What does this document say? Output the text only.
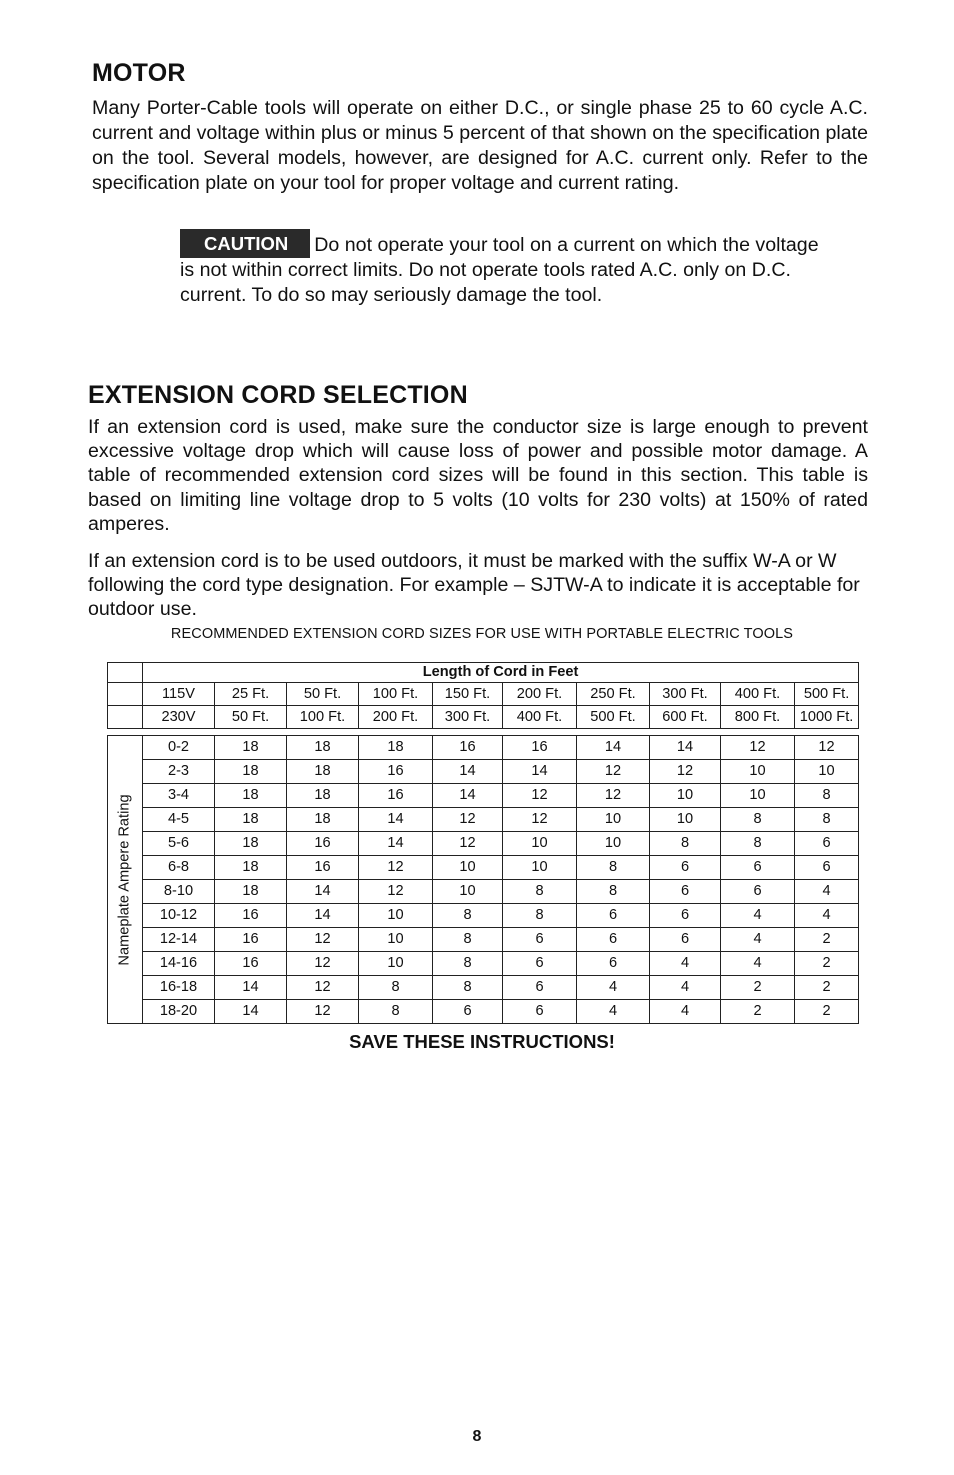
MOTOR

Many Porter-Cable tools will operate on either D.C., or single phase 25 to 60 cycle A.C. current and voltage within plus or minus 5 percent of that shown on the specification plate on the tool. Several models, however, are designed for A.C. current only. Refer to the specification plate on your tool for proper voltage and current rating.

CAUTION Do not operate your tool on a current on which the voltage is not within correct limits. Do not operate tools rated A.C. only on D.C. current. To do so may seriously damage the tool.
EXTENSION CORD SELECTION

If an extension cord is used, make sure the conductor size is large enough to prevent excessive voltage drop which will cause loss of power and possible motor damage. A table of recommended extension cord sizes will be found in this section. This table is based on limiting line voltage drop to 5 volts (10 volts for 230 volts) at 150% of rated amperes.

If an extension cord is to be used outdoors, it must be marked with the suffix W-A or W following the cord type designation. For example – SJTW-A to indicate it is acceptable for outdoor use.

RECOMMENDED EXTENSION CORD SIZES FOR USE WITH PORTABLE ELECTRIC TOOLS
	Length of Cord in Feet									
	115V	25 Ft.	50 Ft.	100 Ft.	150 Ft.	200 Ft.	250 Ft.	300 Ft.	400 Ft.	500 Ft.
	230V	50 Ft.	100 Ft.	200 Ft.	300 Ft.	400 Ft.	500 Ft.	600 Ft.	800 Ft.	1000 Ft.

Nameplate Ampere Rating	0-2	18	18	18	16	16	14	14	12	12
	2-3	18	18	16	14	14	12	12	10	10
	3-4	18	18	16	14	12	12	10	10	8
	4-5	18	18	14	12	12	10	10	8	8
	5-6	18	16	14	12	10	10	8	8	6
	6-8	18	16	12	10	10	8	6	6	6
	8-10	18	14	12	10	8	8	6	6	4
	10-12	16	14	10	8	8	6	6	4	4
	12-14	16	12	10	8	6	6	6	4	2
	14-16	16	12	10	8	6	6	4	4	2
	16-18	14	12	8	8	6	4	4	2	2
	18-20	14	12	8	6	6	4	4	2	2
SAVE THESE INSTRUCTIONS!
8
